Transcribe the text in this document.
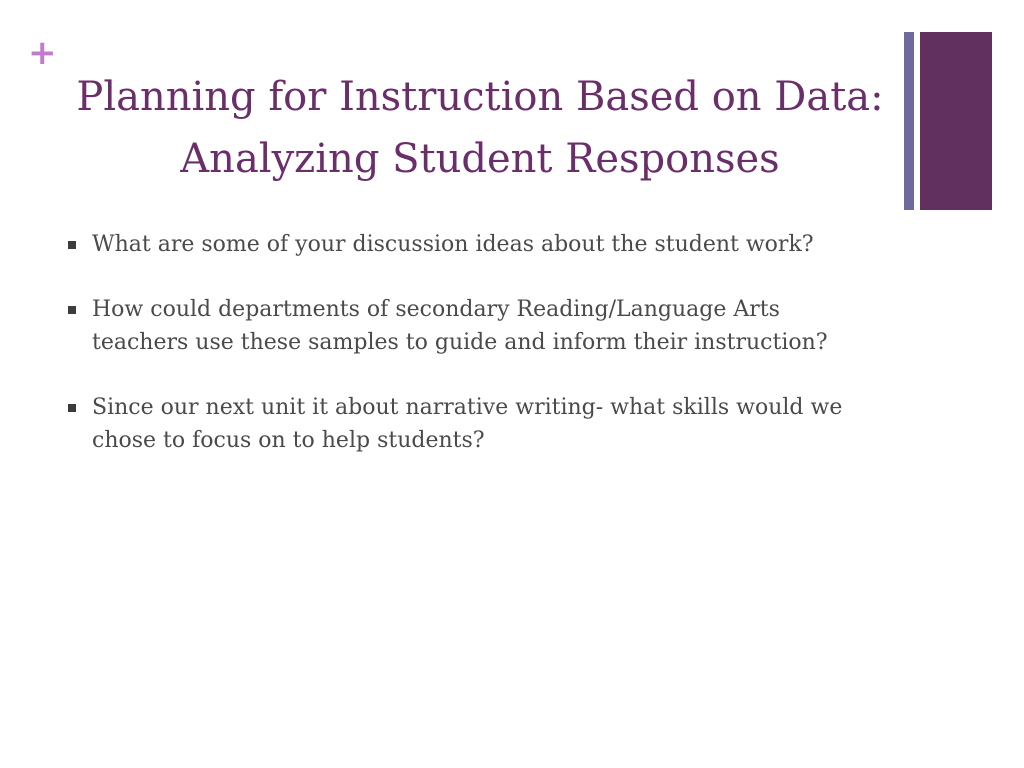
+
Planning for Instruction Based on Data: Analyzing Student Responses
What are some of your discussion ideas about the student work?
How could departments of secondary Reading/Language Arts teachers use these samples to guide and inform their instruction?
Since our next unit it about narrative writing- what skills would we chose to focus on to help students?
